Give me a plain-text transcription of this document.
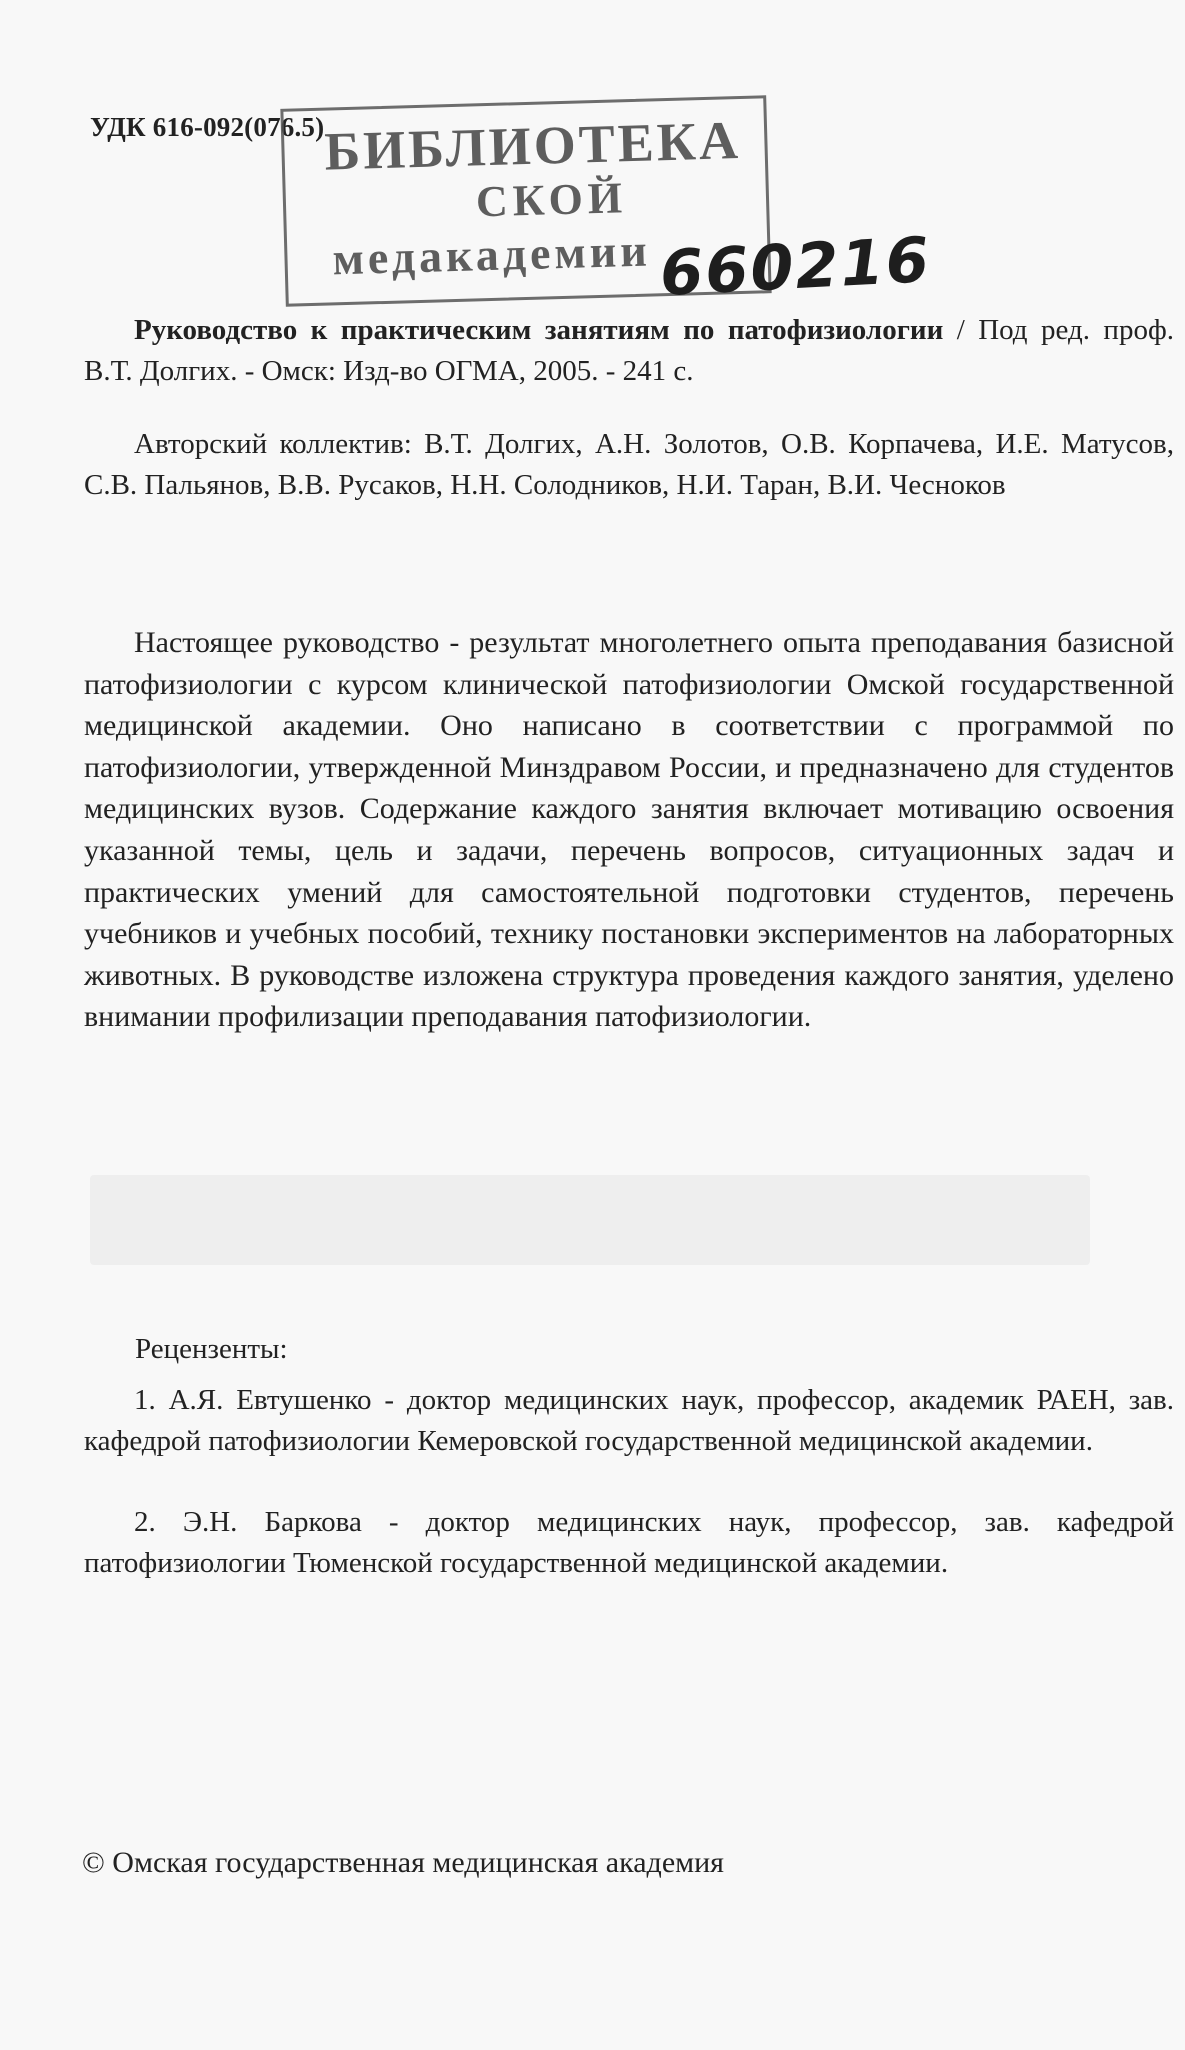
УДК 616-092(076.5) БИБЛИОТЕКА
СКОЙ
медакадемии 660216
Руководство к практическим занятиям по патофизиологии / Под ред. проф. В.Т. Долгих. - Омск: Изд-во ОГМА, 2005. - 241 с.
Авторский коллектив: В.Т. Долгих, А.Н. Золотов, О.В. Корпачева, И.Е. Матусов, С.В. Пальянов, В.В. Русаков, Н.Н. Солодников, Н.И. Таран, В.И. Чесноков
Настоящее руководство - результат многолетнего опыта преподавания базисной патофизиологии с курсом клинической патофизиологии Омской государственной медицинской академии. Оно написано в соответствии с программой по патофизиологии, утвержденной Минздравом России, и предназначено для студентов медицинских вузов. Содержание каждого занятия включает мотивацию освоения указанной темы, цель и задачи, перечень вопросов, ситуационных задач и практических умений для самостоятельной подготовки студентов, перечень учебников и учебных пособий, технику постановки экспериментов на лабораторных животных. В руководстве изложена структура проведения каждого занятия, уделено внимании профилизации преподавания патофизиологии.
Рецензенты:
1. А.Я. Евтушенко - доктор медицинских наук, профессор, академик РАЕН, зав. кафедрой патофизиологии Кемеровской государственной медицинской академии.
2. Э.Н. Баркова - доктор медицинских наук, профессор, зав. кафедрой патофизиологии Тюменской государственной медицинской академии.
© Омская государственная медицинская академия
